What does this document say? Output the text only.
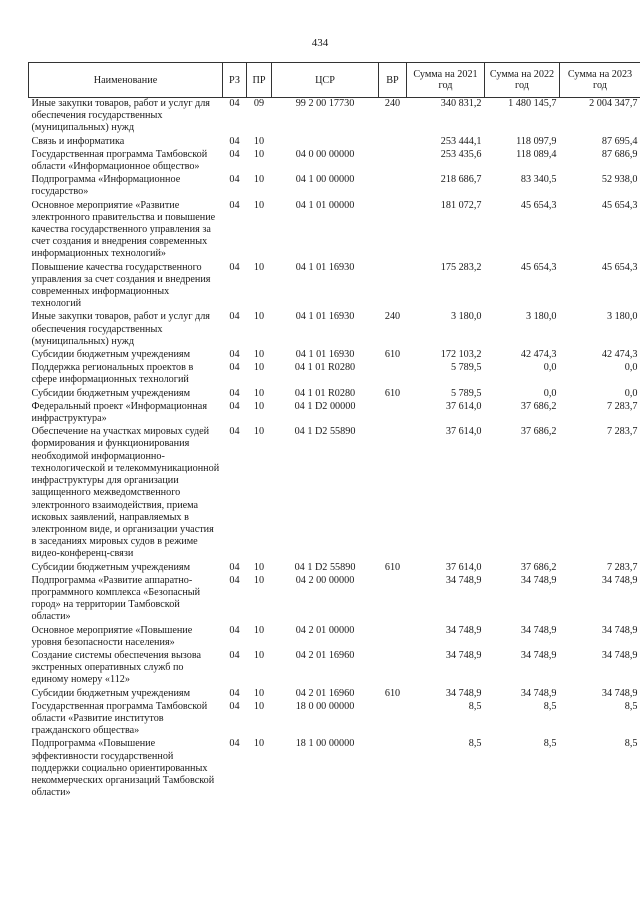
434
Наименование	РЗ	ПР	ЦСР	ВР	Сумма на 2021 год	Сумма на 2022 год	Сумма на 2023 год
Иные закупки товаров, работ и услуг для обеспечения государственных (муниципальных) нужд	04	09	99 2 00 17730	240	340 831,2	1 480 145,7	2 004 347,7
Связь и информатика	04	10			253 444,1	118 097,9	87 695,4
Государственная программа Тамбовской области «Информационное общество»	04	10	04 0 00 00000		253 435,6	118 089,4	87 686,9
Подпрограмма «Информационное государство»	04	10	04 1 00 00000		218 686,7	83 340,5	52 938,0
Основное мероприятие «Развитие электронного правительства и повышение качества государственного управления за счет создания и внедрения современных информационных технологий»	04	10	04 1 01 00000		181 072,7	45 654,3	45 654,3
Повышение качества государственного управления за счет создания и внедрения современных информационных технологий	04	10	04 1 01 16930		175 283,2	45 654,3	45 654,3
Иные закупки товаров, работ и услуг для обеспечения государственных (муниципальных) нужд	04	10	04 1 01 16930	240	3 180,0	3 180,0	3 180,0
Субсидии бюджетным учреждениям	04	10	04 1 01 16930	610	172 103,2	42 474,3	42 474,3
Поддержка региональных проектов в сфере информационных технологий	04	10	04 1 01 R0280		5 789,5	0,0	0,0
Субсидии бюджетным учреждениям	04	10	04 1 01 R0280	610	5 789,5	0,0	0,0
Федеральный проект «Информационная инфраструктура»	04	10	04 1 D2 00000		37 614,0	37 686,2	7 283,7
Обеспечение на участках мировых судей формирования и функционирования необходимой информационно-технологической и телекоммуникационной инфраструктуры для организации защищенного межведомственного электронного взаимодействия, приема исковых заявлений, направляемых в электронном виде, и организации участия в заседаниях мировых судов в режиме видео-конференц-связи	04	10	04 1 D2 55890		37 614,0	37 686,2	7 283,7
Субсидии бюджетным учреждениям	04	10	04 1 D2 55890	610	37 614,0	37 686,2	7 283,7
Подпрограмма «Развитие аппаратно-программного комплекса «Безопасный город» на территории Тамбовской области»	04	10	04 2 00 00000		34 748,9	34 748,9	34 748,9
Основное мероприятие «Повышение уровня безопасности населения»	04	10	04 2 01 00000		34 748,9	34 748,9	34 748,9
Создание системы обеспечения вызова экстренных оперативных служб по единому номеру «112»	04	10	04 2 01 16960		34 748,9	34 748,9	34 748,9
Субсидии бюджетным учреждениям	04	10	04 2 01 16960	610	34 748,9	34 748,9	34 748,9
Государственная программа Тамбовской области «Развитие институтов гражданского общества»	04	10	18 0 00 00000		8,5	8,5	8,5
Подпрограмма «Повышение эффективности государственной поддержки социально ориентированных некоммерческих организаций Тамбовской области»	04	10	18 1 00 00000		8,5	8,5	8,5
